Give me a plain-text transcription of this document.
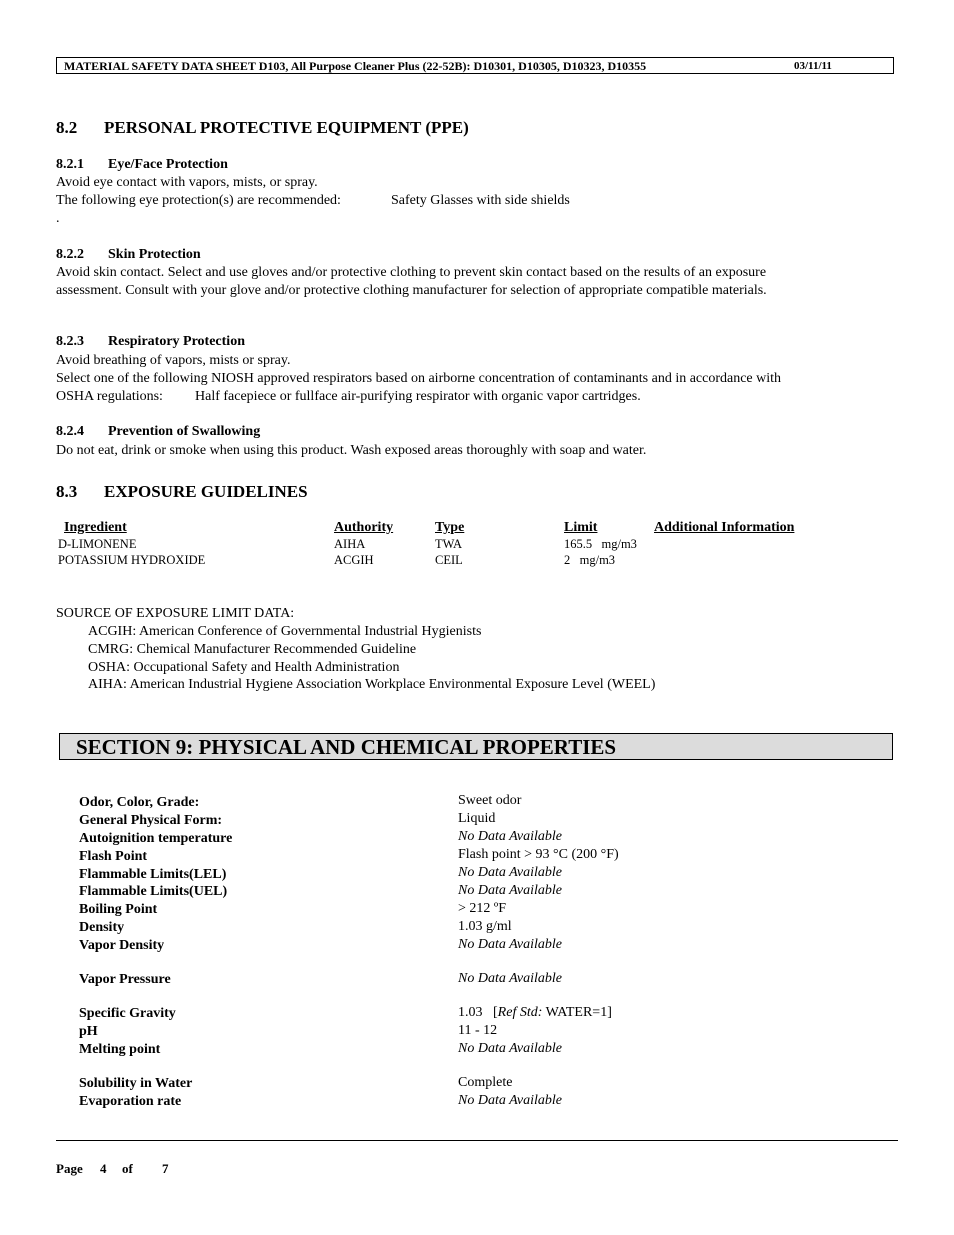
MATERIAL SAFETY DATA SHEET D103, All Purpose Cleaner Plus (22-52B): D10301, D10305, D10323, D10355	03/11/11
8.2 PERSONAL PROTECTIVE EQUIPMENT (PPE)
8.2.1 Eye/Face Protection
Avoid eye contact with vapors, mists, or spray.
The following eye protection(s) are recommended:	Safety Glasses with side shields
.
8.2.2 Skin Protection
Avoid skin contact. Select and use gloves and/or protective clothing to prevent skin contact based on the results of an exposure
assessment. Consult with your glove and/or protective clothing manufacturer for selection of appropriate compatible materials.
8.2.3 Respiratory Protection
Avoid breathing of vapors, mists or spray.
Select one of the following NIOSH approved respirators based on airborne concentration of contaminants and in accordance with
OSHA regulations: Half facepiece or fullface air-purifying respirator with organic vapor cartridges.
8.2.4 Prevention of Swallowing
Do not eat, drink or smoke when using this product. Wash exposed areas thoroughly with soap and water.
8.3 EXPOSURE GUIDELINES
Ingredient	Authority	Type	Limit	Additional Information
D-LIMONENE	AIHA	TWA	165.5   mg/m3
POTASSIUM HYDROXIDE	ACGIH	CEIL	2   mg/m3
SOURCE OF EXPOSURE LIMIT DATA:
ACGIH: American Conference of Governmental Industrial Hygienists
CMRG: Chemical Manufacturer Recommended Guideline
OSHA: Occupational Safety and Health Administration
AIHA: American Industrial Hygiene Association Workplace Environmental Exposure Level (WEEL)
SECTION 9: PHYSICAL AND CHEMICAL PROPERTIES
Odor, Color, Grade:	Sweet odor
General Physical Form:	Liquid
Autoignition temperature	No Data Available
Flash Point	Flash point > 93 °C (200 °F)
Flammable Limits(LEL)	No Data Available
Flammable Limits(UEL)	No Data Available
Boiling Point	> 212 ºF
Density	1.03 g/ml
Vapor Density	No Data Available
Vapor Pressure	No Data Available
Specific Gravity	1.03   [Ref Std: WATER=1]
pH	11 - 12
Melting point	No Data Available
Solubility in Water	Complete
Evaporation rate	No Data Available
Page 4 of 7
